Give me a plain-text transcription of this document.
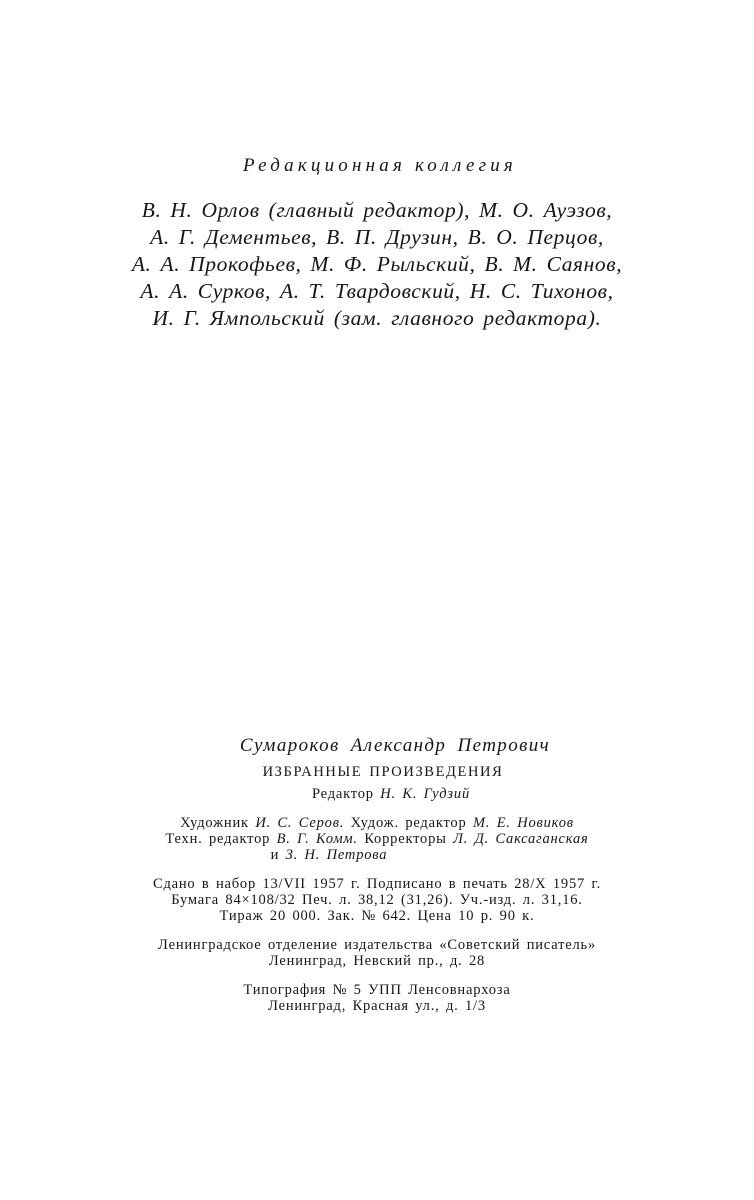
Редакционная коллегия
В. Н. Орлов (главный редактор), М. О. Ауэзов,
А. Г. Дементьев, В. П. Друзин, В. О. Перцов,
А. А. Прокофьев, М. Ф. Рыльский, В. М. Саянов,
А. А. Сурков, А. Т. Твардовский, Н. С. Тихонов,
И. Г. Ямпольский (зам. главного редактора).
Сумароков Александр Петрович
ИЗБРАННЫЕ ПРОИЗВЕДЕНИЯ
Редактор Н. К. Гудзий
Художник И. С. Серов. Худож. редактор М. Е. Новиков
Техн. редактор В. Г. Комм. Корректоры Л. Д. Саксаганская
и З. Н. Петрова
Сдано в набор 13/VII 1957 г. Подписано в печать 28/X 1957 г.
Бумага 84×108/32 Печ. л. 38,12 (31,26). Уч.-изд. л. 31,16.
Тираж 20 000. Зак. № 642. Цена 10 р. 90 к.
Ленинградское отделение издательства «Советский писатель»
Ленинград, Невский пр., д. 28
Типография № 5 УПП Ленсовнархоза
Ленинград, Красная ул., д. 1/3
